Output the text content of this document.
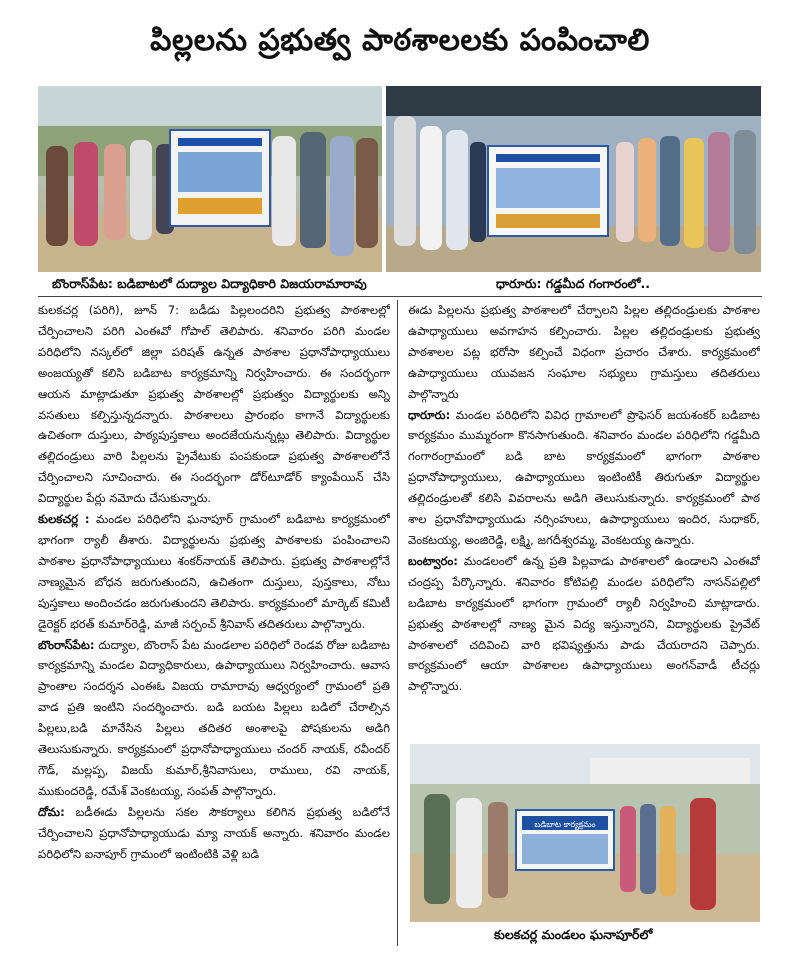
పిల్లలను ప్రభుత్వ పాఠశాలలకు పంపించాలి
బొంరాస్‌పేట: బడిబాటలో దుద్యాల విద్యాధికారి విజయరామారావు	ధారూరు: గడ్డమీద గంగారంలో..

కులకచర్ల (పరిగి), జూన్ 7: బడీడు పిల్లలందరిని ప్రభుత్వ పాఠశాలల్లో చేర్పించాలని పరిగి ఎంఈవో గోపాల్ తెలిపారు. శనివారం పరిగి మండల పరిధిలోని నస్కల్‌లో జిల్లా పరిషత్ ఉన్నత పాఠశాల ప్రధానోపాధ్యాయులు అంజయ్యతో కలిసి బడిబాట కార్యక్రమాన్ని నిర్వహించారు. ఈ సందర్భంగా ఆయన మాట్లాడుతూ ప్రభుత్వ పాఠశాలల్లో ప్రభుత్వం విద్యార్థులకు అన్ని వసతులు కల్పిస్తున్నదన్నారు. పాఠశాలలు ప్రారంభం కాగానే విద్యార్థులకు ఉచితంగా దుస్తులు, పాఠ్యపుస్తకాలు అందజేయనున్నట్లు తెలిపారు. విద్యార్థుల తల్లిదండ్రులు వారి పిల్లలను ప్రైవేటుకు పంపకుండా ప్రభుత్వ పాఠశాలలోనే చేర్పించాలని సూచించారు. ఈ సందర్భంగా డోర్‌టూడోర్ క్యాంపేయిన్ చేసి విద్యార్థుల పేర్లు నమోదు చేసుకున్నారు.

కులకచర్ల : మండల పరిధిలోని ఘనాపూర్ గ్రామంలో బడిబాట కార్యక్రమంలో భాగంగా ర్యాలీ తీశారు. విద్యార్థులను ప్రభుత్వ పాఠశాలకు పంపించాలని పాఠశాల ప్రధానోపాధ్యాయులు శంకర్‌నాయక్ తెలిపారు. ప్రభుత్వ పాఠశాలల్లోనే నాణ్యమైన బోధన జరుగుతుందని, ఉచితంగా దుస్తులు, పుస్తకాలు, నోటు పుస్తకాలు అందించడం జరుగుతుందని తెలిపారు. కార్యక్రమంలో మార్కెట్ కమిటీ డైరెక్టర్ భరత్ కుమార్‌రెడ్డి, మాజీ సర్పంచ్ శ్రీనివాస్ తదితరులు పాల్గొన్నారు.

బొంరాస్‌పేట: దుద్యాల, బొంరాస్ పేట మండలాల పరిధిలో రెండవ రోజు బడిబాట కార్యక్రమాన్ని మండల విద్యాధికారులు, ఉపాధ్యాయులు నిర్వహించారు. ఆవాస ప్రాంతాల సందర్శన ఎంఈఓ విజయ రామారావు ఆధ్వర్యంలో గ్రామంలో ప్రతి వాడ ప్రతి ఇంటిని సందర్శించారు. బడి బయట పిల్లలు బడిలో చేరాల్సిన పిల్లలు,బడి మానేసిన పిల్లలు తదితర అంశాలపై పోషకులను అడిగి తెలుసుకున్నారు. కార్యక్రమంలో ప్రధానోపాధ్యాయులు చందర్ నాయక్, రవీందర్ గౌడ్, మల్లప్ప, విజయ్ కుమార్,శ్రీనివాసులు, రాములు, రవి నాయక్, ముకుందరెడ్డి, రమేశ్ వెంకటయ్య, సంపత్ పాల్గొన్నారు.

దోమ: బడీఈడు పిల్లలను సకల సౌకర్యాలు కలిగిన ప్రభుత్వ బడిలోనే చేర్పించాలని ప్రధానోపాధ్యాయుడు మ్యా నాయక్ అన్నారు. శనివారం మండల పరిధిలోని ఐనాపూర్ గ్రామంలో ఇంటింటికి వెళ్లి బడి

ఈడు పిల్లలను ప్రభుత్వ పాఠశాలలో చేర్పాలని పిల్లల తల్లిదండ్రులకు పాఠశాల ఉపాధ్యాయులు అవగాహన కల్పించారు. పిల్లల తల్లిదండ్రులకు ప్రభుత్వ పాఠశాలల పట్ల భరోసా కల్పించే విధంగా ప్రచారం చేశారు. కార్యక్రమంలో ఉపాధ్యాయులు యువజన సంఘాల సభ్యులు గ్రామస్తులు తదితరులు పాల్గొన్నారు

ధారూరు: మండల పరిధిలోని వివిధ గ్రామాలలో ప్రొఫెసర్ జయశంకర్ బడిబాట కార్యక్రమం ముమ్మరంగా కొనసాగుతుంది. శనివారం మండల పరిధిలోని గడ్డమీది గంగారంగ్రామంలో బడి బాట కార్యక్రమంలో భాగంగా పాఠశాల ప్రధానోపాధ్యాయులు, ఉపాధ్యాయులు ఇంటింటికీ తిరుగుతూ విద్యార్థుల తల్లిదండ్రులతో కలిసి వివరాలను అడిగి తెలుసుకున్నారు. కార్యక్రమంలో పాఠ శాల ప్రధానోపాధ్యాయుడు నర్సింహులు, ఉపాధ్యాయులు ఇందిర, సుధాకర్, వెంకటయ్య, అంజిరెడ్డి, లక్ష్మి, జగదీశ్వరమ్మ, వెంకటయ్య ఉన్నారు.

బంట్వారం: మండలంలో ఉన్న ప్రతి పిల్లవాడు పాఠశాలలో ఉండాలని ఎంఈవో చంద్రప్ప పేర్కొన్నారు. శనివారం కోటిపల్లి మండల పరిధిలోని నాసన్‌పల్లిలో బడిబాట కార్యక్రమంలో భాగంగా గ్రామంలో ర్యాలీ నిర్వహించి మాట్లాడారు. ప్రభుత్వ పాఠశాలల్లో నాణ్య మైన విద్య ఇస్తున్నారని, విద్యార్థులకు ప్రైవేట్ పాఠశాలలో చదివించి వారి భవిష్యత్తును పాడు చేయరాదని చెప్పారు. కార్యక్రమంలో ఆయా పాఠశాలల ఉపాధ్యాయులు అంగన్‌వాడీ టీచర్లు పాల్గొన్నారు.

బడిబాట కార్యక్రమం
కులకచర్ల మండలం ఘనాపూర్‌లో
